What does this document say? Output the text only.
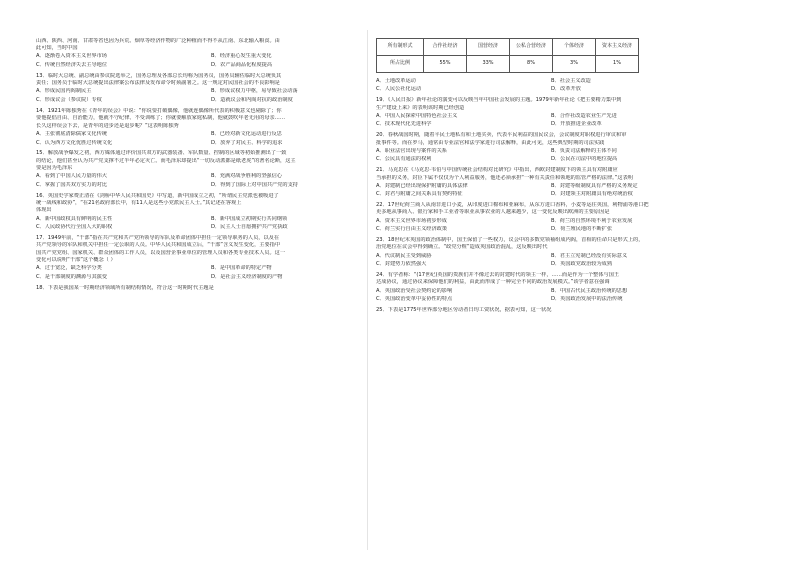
山西、陕西、河南、甘肃等省也因为兵荒、烟草等经济作物的广泛种植而不得不从江南、东北输入粮食。由
此可知，当时中国
A．逐渐卷入资本主义世界市场	B．经济重心发生重大变化
C．传统自然经济失去主导地位	D．农产品商品化程度提高
13．临时大总统、副总统由参议院选举之，国务总理及各部总长均称为国务员，国务员辅佐临时大总统负其
责任；国务员于临时大总统提出法律案公布法律及发布命令时须副署之。这一规定对民国社会的不良影响是
A．形成民国内阁制民主	B．形成议权力中枢，易导致社会动荡
C．形成议会（参议院）专权	D．造就议会和内阁对抗的政治制度
14．1921年陈独秀在《青年的误会》中说：“你说要打破偶像，他就连偶像所代表的积极意义也剔除了；你
要他提倡自由、自治能力，他就不守纪律、不受训练了；你就要解放家庭私制，他就鼓吹年老无用的母亲……
长久这样误会下去，是青年的进步还是退步呢？”这表明陈独秀
A．主张彻底清除儒家文化传统	B．已经对新文化运动进行反思
C．认为西方文化优胜过传统文化	D．放弃了对民主、科学的追求
15．解放战争爆发之初，西方媒体通过评价国共双方的武器装备、军队数量、控制的区域等初始推测出了一致
的结论，他们甚至认为共产党支撑不过半年必定灭亡。而毛泽东却提出“一切反动派都是纸老虎”的著名论断，这主
要是因为毛泽东
A．看到了中国人民力量的伟大	B．充满对战争胜利的坚强信心
C．掌握了国共双方实力的对比	D．得到了国际上对中国共产党的支持
16．英国史学家费正清在《剑桥中华人民共和国史》中写道，新中国成立之初，“所谓民主党派也被吸进了
统一战线和政协”，“在21名政府部长中，有11人是这些小党派民主人士。”其记述在客观上
体现出
A．新中国政权具有鲜明的民主性	B．新中国成立初期实行共同纲领
C．人民政协代行全国人大的职权	D．民主人士自愿拥护共产党执政
17．1949年前，“干部”指在共产党和共产党所领导的军队及革命团体中担任一定领导职务的人员，以及在
共产党领导的军队和机关中担任一定公职的人员。中华人民共和国成立后，“干部”含义发生变化，主要指中
国共产党党组、国家机关、群众团体的工作人员，以及国营企事业单位的管理人员和各类专业技术人员。这一
变化可以说明“干部”这个概念（ ）
A．过于宽泛，缺乏科学分类	B．是中国革命的特定产物
C．是干部制度的渊源与其演变	D．是社会主义经济制度的产物
18．下表是我国某一时期经济领域所有制结构情况，符合这一时期时代主题是
所有制形式	合作社经济	国营经济	公私合营经济	个体经济	资本主义经济
所占比例	55%	33%	8%	3%	1%
A．土地改革运动	B．社会主义改造
C．人民公社化运动	D．改革开放
19．《人民日报》新年社论的演变可以反映当年中国社会发展的主题。1979年新年社论《把主要精力集中到
生产建设上来》的表明该时期已经创造
A．中国人民探索中国特色社会主义	B．合作社改造农业生产先进
C．技术现代化先进科学	D．开放推进企业改革
20．春秋战国时期，随着平民土地私有和土地买卖，代表平民利益的国民议会，会议制度对职权进行审议和审
批事件等。而在罗马，通常由专业法官和法学家进行司法解释，由此可见，这些典型时期的司法实践
A．职业法官出现与案件的关系	B．负责司法解释的主体不同
C．公民具有通法的权利	D．公民在司法中的地位提高
21．马克思在《马克思·韦伯与中国传统社会结构对比研究》中指出，西欧封建制度下的领主具有对附庸应
当承担的义务，封臣下属不仅仅为个人利益服务，他还必须承担“一种有关责任和领地的监管严格的法律。”这表明
A．封建制已经出现保护附庸的具体法律	B．封建等级制度具有严格的义务规定
C．封君与附庸之间关系具有契约特征	D．封建领主对附庸具有绝对统治权
22．17世纪荷兰商人从南非进口小麦，从印度进口棉布和亚麻布，从东方进口香料，小麦等运往英国，利物浦等港口把
更多地从事商人、银行家和手工业者等职业从事农业的人越来越少，这一变化反映出欧洲的主要原因是
A．资本主义世界市场初步形成	B．荷兰的自然环境不利于农业发展
C．荷兰实行自由主义经济政策	D．荷兰殖民地的不断扩张
23．18世纪末英国的政治体制中，国王保留了一些权力，议会中的多数党领袖组成内阁，首相的任命只是形式上的，
治党地位在议会中得到确立。“政党分赃”造成英国政治混乱，这反映出时代
A．代议制民主受到威胁	B．君主立宪制已经没有实际意义
C．封建势力依然强大	D．英国政党政治较为成熟
24．有学者称：“(17世纪)英国的贵族们并不像过去的封建时代的领主一样，……而是作为一个整体与国王
达成协议，通过协议来保障他们的利益，由此而形成了一种完全不同的政治发展模式。”该学者意在强调
A．英国政治受社会契约论的影响	B．中国古代民主政治传统的思想
C．英国政治变革中妥协性的特点	D．英国政治发展中的法治传统
25．下表是1775年世界部分地区劳动者日均工资状况，据表可知，这一状况
